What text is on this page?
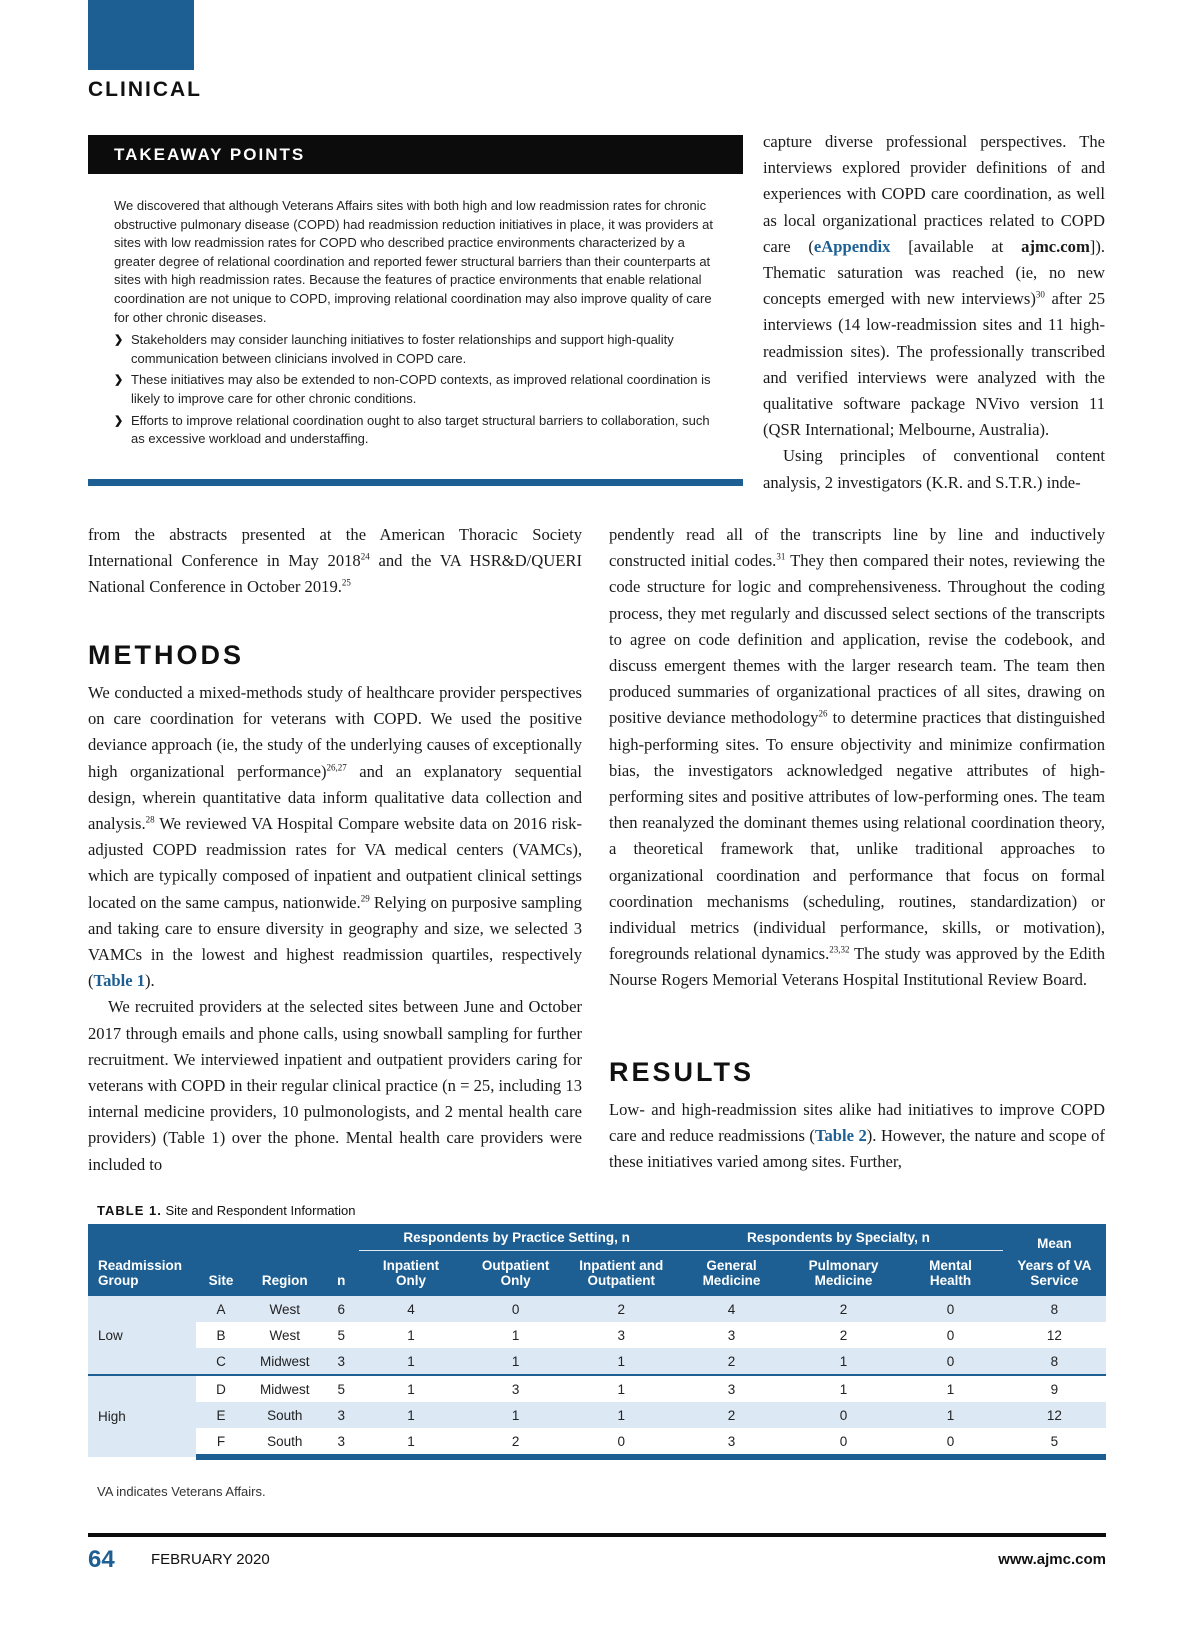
CLINICAL
TAKEAWAY POINTS

We discovered that although Veterans Affairs sites with both high and low readmission rates for chronic obstructive pulmonary disease (COPD) had readmission reduction initiatives in place, it was providers at sites with low readmission rates for COPD who described practice environments characterized by a greater degree of relational coordination and reported fewer structural barriers than their counterparts at sites with high readmission rates. Because the features of practice environments that enable relational coordination are not unique to COPD, improving relational coordination may also improve quality of care for other chronic diseases.

❯ Stakeholders may consider launching initiatives to foster relationships and support high-quality communication between clinicians involved in COPD care.
❯ These initiatives may also be extended to non-COPD contexts, as improved relational coordination is likely to improve care for other chronic conditions.
❯ Efforts to improve relational coordination ought to also target structural barriers to collaboration, such as excessive workload and understaffing.

capture diverse professional perspectives. The interviews explored provider definitions of and experiences with COPD care coordination, as well as local organizational practices related to COPD care (eAppendix [available at ajmc.com]). Thematic saturation was reached (ie, no new concepts emerged with new interviews)$^{30}$ after 25 interviews (14 low-readmission sites and 11 high-readmission sites). The professionally transcribed and verified interviews were analyzed with the qualitative software package NVivo version 11 (QSR International; Melbourne, Australia).

Using principles of conventional content analysis, 2 investigators (K.R. and S.T.R.) inde-

from the abstracts presented at the American Thoracic Society International Conference in May 2018$^{24}$ and the VA HSR&D/QUERI National Conference in October 2019.25

METHODS

We conducted a mixed-methods study of healthcare provider perspectives on care coordination for veterans with COPD. We used the positive deviance approach (ie, the study of the underlying causes of exceptionally high organizational performance)$^{26,27}$ and an explanatory sequential design, wherein quantitative data inform qualitative data collection and analysis.$^{28}$ We reviewed VA Hospital Compare website data on 2016 risk-adjusted COPD readmission rates for VA medical centers (VAMCs), which are typically composed of inpatient and outpatient clinical settings located on the same campus, nationwide.$^{29}$ Relying on purposive sampling and taking care to ensure diversity in geography and size, we selected 3 VAMCs in the lowest and highest readmission quartiles, respectively (Table 1).

We recruited providers at the selected sites between June and October 2017 through emails and phone calls, using snowball sampling for further recruitment. We interviewed inpatient and outpatient providers caring for veterans with COPD in their regular clinical practice (n = 25, including 13 internal medicine providers, 10 pulmonologists, and 2 mental health care providers) (Table 1) over the phone. Mental health care providers were included to

pendently read all of the transcripts line by line and inductively constructed initial codes.$^{31}$ They then compared their notes, reviewing the code structure for logic and comprehensiveness. Throughout the coding process, they met regularly and discussed select sections of the transcripts to agree on code definition and application, revise the codebook, and discuss emergent themes with the larger research team. The team then produced summaries of organizational practices of all sites, drawing on positive deviance methodology$^{26}$ to determine practices that distinguished high-performing sites. To ensure objectivity and minimize confirmation bias, the investigators acknowledged negative attributes of high-performing sites and positive attributes of low-performing ones. The team then reanalyzed the dominant themes using relational coordination theory, a theoretical framework that, unlike traditional approaches to organizational coordination and performance that focus on formal coordination mechanisms (scheduling, routines, standardization) or individual metrics (individual performance, skills, or motivation), foregrounds relational dynamics.$^{23,32}$ The study was approved by the Edith Nourse Rogers Memorial Veterans Hospital Institutional Review Board.

RESULTS

Low- and high-readmission sites alike had initiatives to improve COPD care and reduce readmissions (Table 2). However, the nature and scope of these initiatives varied among sites. Further,

TABLE 1. Site and Respondent Information
				Respondents by Practice Setting, n			Respondents by Specialty, n			Mean
Readmission				Inpatient	Outpatient	Inpatient and	General	Pulmonary	Mental	Years of VA
Group	Site	Region	n	Only	Only	Outpatient	Medicine	Medicine	Health	Service
Low	A	West	6	4	0	2	4	2	0	8
	B	West	5	1	1	3	3	2	0	12
	C	Midwest	3	1	1	1	2	1	0	8
High	D	Midwest	5	1	3	1	3	1	1	9
	E	South	3	1	1	1	2	0	1	12
	F	South	3	1	2	0	3	0	0	5
VA indicates Veterans Affairs.
64 FEBRUARY 2020	www.ajmc.com
